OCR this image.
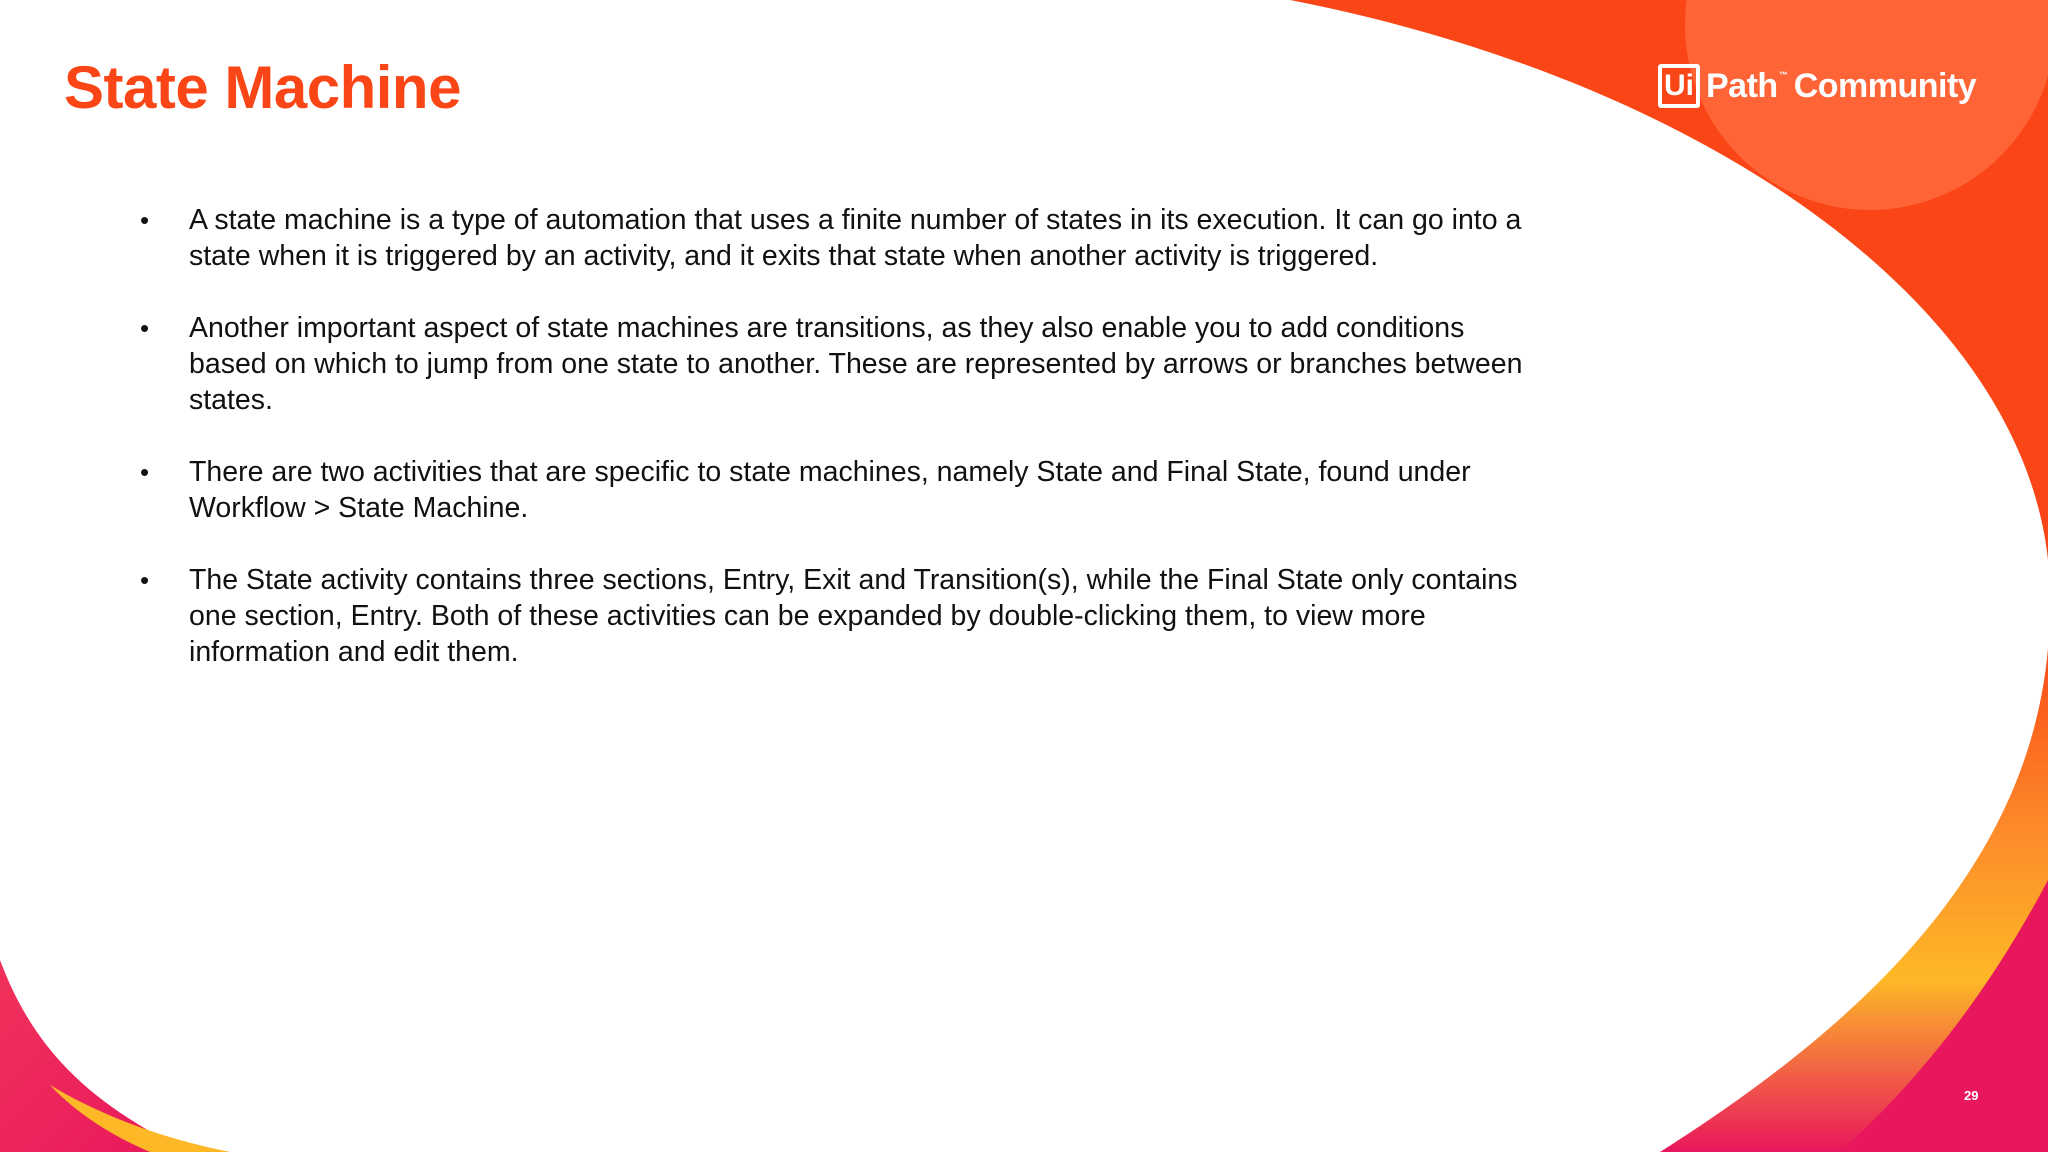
State Machine	Ui Path ™ Community
• A state machine is a type of automation that uses a finite number of states in its execution. It can go into a state when it is triggered by an activity, and it exits that state when another activity is triggered.
• Another important aspect of state machines are transitions, as they also enable you to add conditions based on which to jump from one state to another. These are represented by arrows or branches between states.
• There are two activities that are specific to state machines, namely State and Final State, found under Workflow > State Machine.
• The State activity contains three sections, Entry, Exit and Transition(s), while the Final State only contains one section, Entry. Both of these activities can be expanded by double-clicking them, to view more information and edit them.
29
